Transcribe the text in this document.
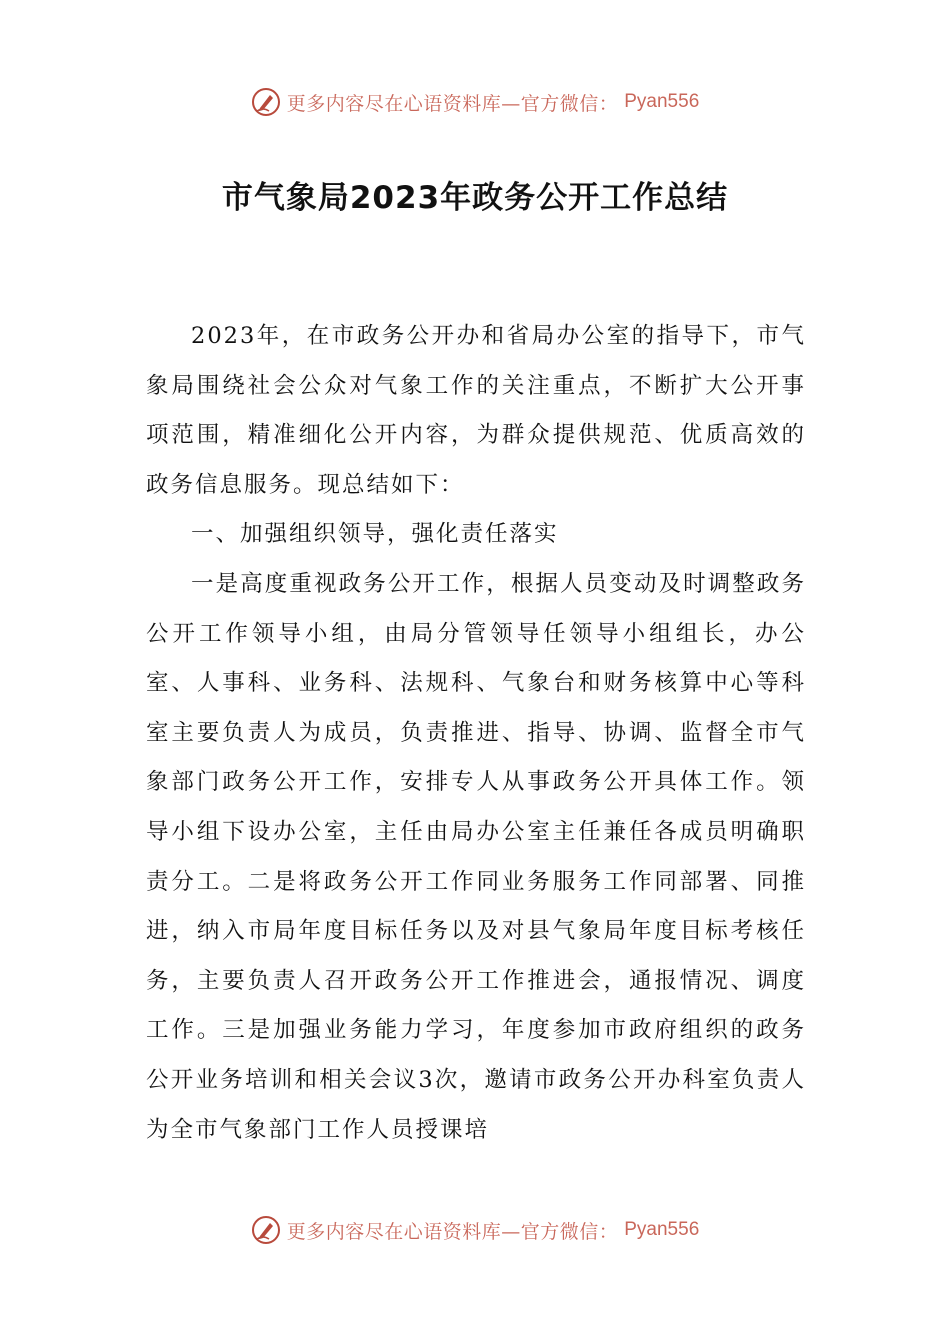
更多内容尽在心语资料库—官方微信： Pyan556
市气象局2023年政务公开工作总结

2023年，在市政务公开办和省局办公室的指导下，市气象局围绕社会公众对气象工作的关注重点，不断扩大公开事项范围，精准细化公开内容，为群众提供规范、优质高效的政务信息服务。现总结如下：

一、加强组织领导，强化责任落实

一是高度重视政务公开工作，根据人员变动及时调整政务公开工作领导小组，由局分管领导任领导小组组长，办公室、人事科、业务科、法规科、气象台和财务核算中心等科室主要负责人为成员，负责推进、指导、协调、监督全市气象部门政务公开工作，安排专人从事政务公开具体工作。领导小组下设办公室，主任由局办公室主任兼任各成员明确职责分工。二是将政务公开工作同业务服务工作同部署、同推进，纳入市局年度目标任务以及对县气象局年度目标考核任务，主要负责人召开政务公开工作推进会，通报情况、调度工作。三是加强业务能力学习，年度参加市政府组织的政务公开业务培训和相关会议3次，邀请市政务公开办科室负责人为全市气象部门工作人员授课培

更多内容尽在心语资料库—官方微信： Pyan556
